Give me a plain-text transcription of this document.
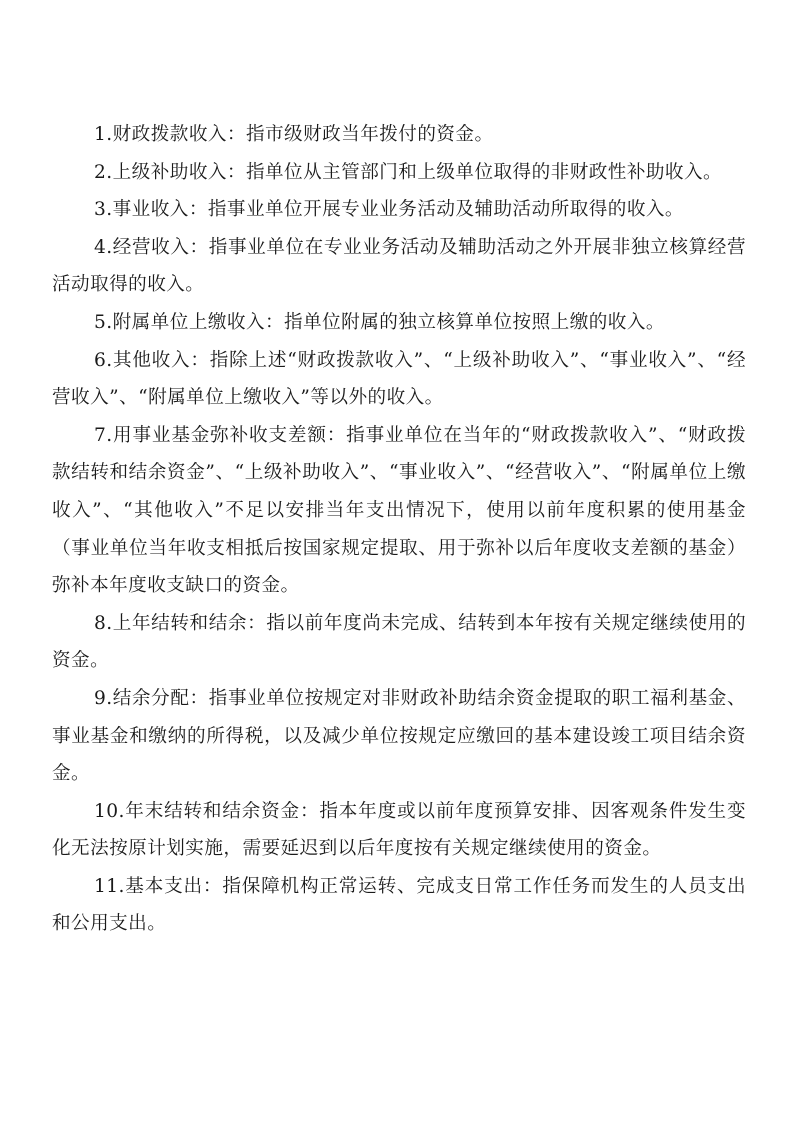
1.财政拨款收入：指市级财政当年拨付的资金。

2.上级补助收入：指单位从主管部门和上级单位取得的非财政性补助收入。

3.事业收入：指事业单位开展专业业务活动及辅助活动所取得的收入。

4.经营收入：指事业单位在专业业务活动及辅助活动之外开展非独立核算经营活动取得的收入。

5.附属单位上缴收入：指单位附属的独立核算单位按照上缴的收入。

6.其他收入：指除上述“财政拨款收入”、“上级补助收入”、“事业收入”、“经营收入”、“附属单位上缴收入”等以外的收入。

7.用事业基金弥补收支差额：指事业单位在当年的“财政拨款收入”、“财政拨款结转和结余资金”、“上级补助收入”、“事业收入”、“经营收入”、“附属单位上缴收入”、“其他收入”不足以安排当年支出情况下，使用以前年度积累的使用基金（事业单位当年收支相抵后按国家规定提取、用于弥补以后年度收支差额的基金）弥补本年度收支缺口的资金。

8.上年结转和结余：指以前年度尚未完成、结转到本年按有关规定继续使用的资金。

9.结余分配：指事业单位按规定对非财政补助结余资金提取的职工福利基金、事业基金和缴纳的所得税，以及减少单位按规定应缴回的基本建设竣工项目结余资金。

10.年末结转和结余资金：指本年度或以前年度预算安排、因客观条件发生变化无法按原计划实施，需要延迟到以后年度按有关规定继续使用的资金。

11.基本支出：指保障机构正常运转、完成支日常工作任务而发生的人员支出和公用支出。
